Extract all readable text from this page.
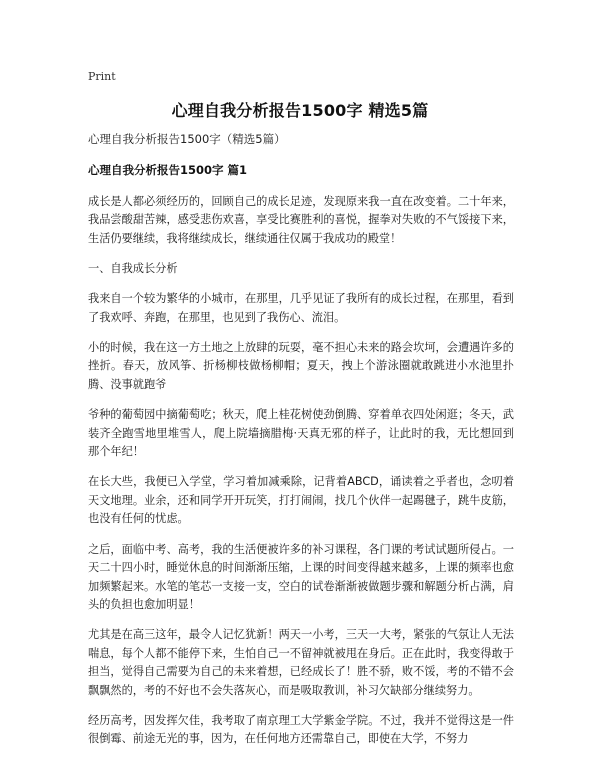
Print
心理自我分析报告1500字 精选5篇
心理自我分析报告1500字（精选5篇）
心理自我分析报告1500字 篇1

成长是人都必须经历的，回顾自己的成长足迹，发现原来我一直在改变着。二十年来，我品尝酸甜苦辣，感受悲伤欢喜，享受比赛胜利的喜悦，握拳对失败的不气馁接下来，生活仍要继续，我将继续成长，继续通往仅属于我成功的殿堂！

一、自我成长分析

我来自一个较为繁华的小城市，在那里，几乎见证了我所有的成长过程，在那里，看到了我欢呼、奔跑，在那里，也见到了我伤心、流泪。

小的时候，我在这一方土地之上放肆的玩耍，毫不担心未来的路会坎坷，会遭遇许多的挫折。春天，放风筝、折杨柳枝做杨柳帽；夏天，拽上个游泳圈就敢跳进小水池里扑腾、没事就跑爷

爷种的葡萄园中摘葡萄吃；秋天，爬上桂花树使劲倒腾、穿着单衣四处闲逛；冬天，武装齐全跑雪地里堆雪人，爬上院墙摘腊梅·天真无邪的样子，让此时的我，无比想回到那个年纪！

在长大些，我便已入学堂，学习着加减乘除，记背着ABCD，诵读着之乎者也，念叨着天文地理。业余，还和同学开开玩笑，打打闹闹，找几个伙伴一起踢毽子，跳牛皮筋，也没有任何的忧虑。

之后，面临中考、高考，我的生活便被许多的补习课程，各门课的考试试题所侵占。一天二十四小时，睡觉休息的时间渐渐压缩，上课的时间变得越来越多，上课的频率也愈加频繁起来。水笔的笔芯一支接一支，空白的试卷渐渐被做题步骤和解题分析占满，肩头的负担也愈加明显！

尤其是在高三这年，最令人记忆犹新！两天一小考，三天一大考，紧张的气氛让人无法喘息，每个人都不能停下来，生怕自己一不留神就被甩在身后。正在此时，我变得敢于担当，觉得自己需要为自己的未来着想，已经成长了！胜不骄，败不馁，考的不错不会飘飘然的，考的不好也不会失落灰心，而是吸取教训，补习欠缺部分继续努力。

经历高考，因发挥欠佳，我考取了南京理工大学紫金学院。不过，我并不觉得这是一件很倒霉、前途无光的事，因为，在任何地方还需靠自己，即使在大学，不努力
